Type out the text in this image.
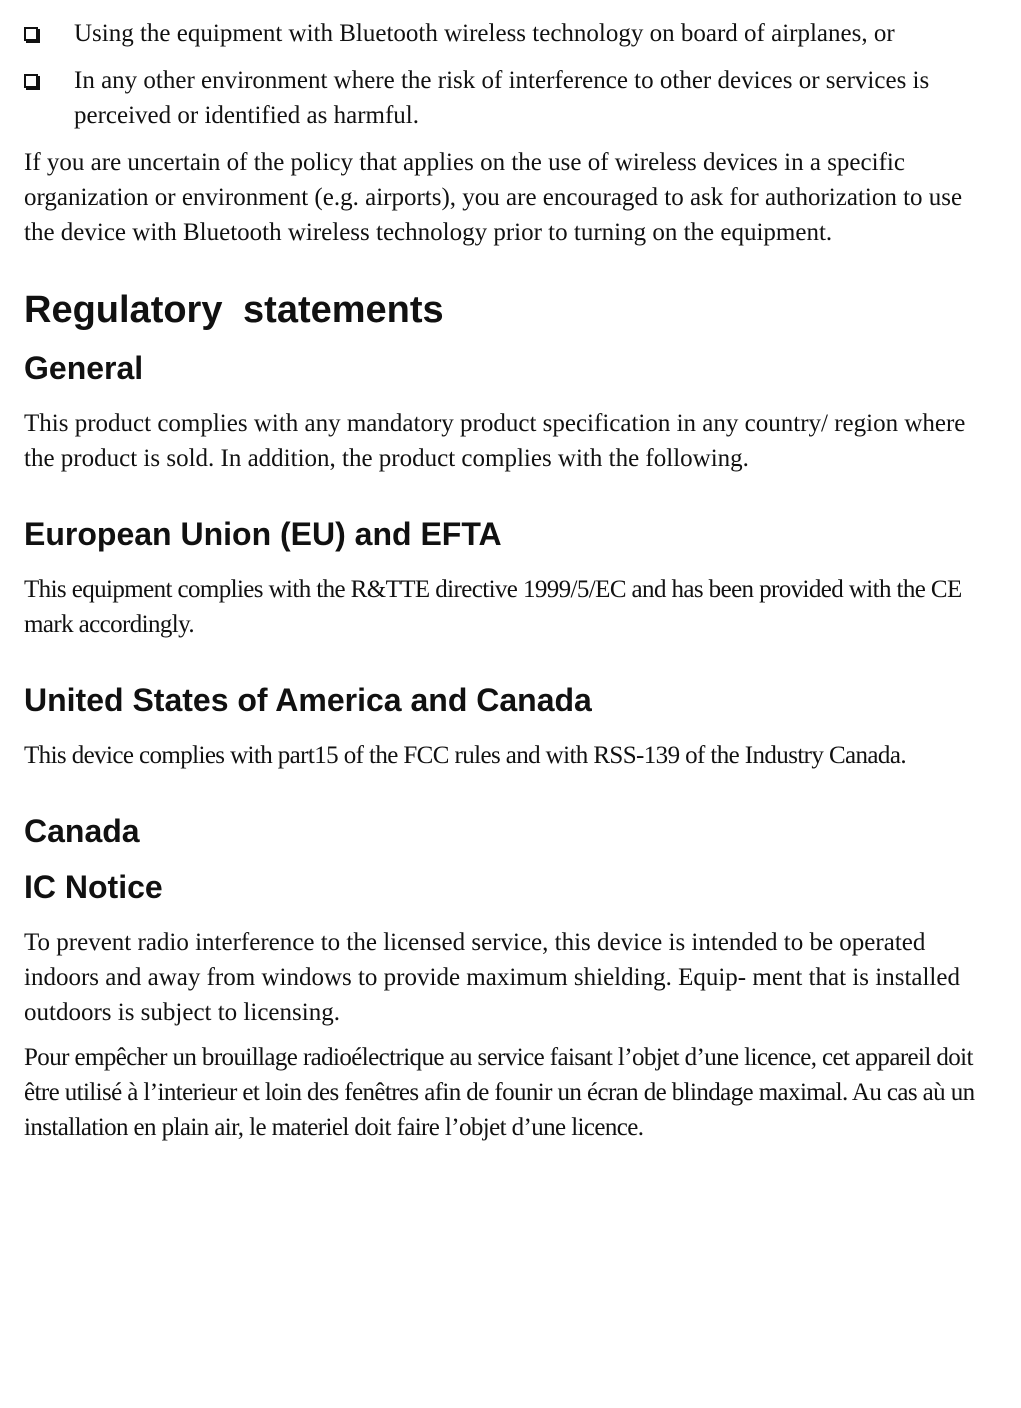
Using the equipment with Bluetooth wireless technology on board of airplanes, or
In any other environment where the risk of interference to other devices or services is perceived or identified as harmful.

If you are uncertain of the policy that applies on the use of wireless devices in a specific organization or environment (e.g. airports), you are encouraged to ask for authorization to use the device with Bluetooth wireless technology prior to turning on the equipment.

Regulatory statements
General

This product complies with any mandatory product specification in any country/ region where the product is sold. In addition, the product complies with the following.

European Union (EU) and EFTA

This equipment complies with the R&TTE directive 1999/5/EC and has been provided with the CE mark accordingly.

United States of America and Canada

This device complies with part15 of the FCC rules and with RSS-139 of the Industry Canada.

Canada
IC Notice

To prevent radio interference to the licensed service, this device is intended to be operated indoors and away from windows to provide maximum shielding. Equip- ment that is installed outdoors is subject to licensing.

Pour empêcher un brouillage radioélectrique au service faisant l’objet d’une licence, cet appareil doit être utilisé à l’interieur et loin des fenêtres afin de founir un écran de blindage maximal. Au cas aù un installation en plain air, le materiel doit faire l’objet d’une licence.
